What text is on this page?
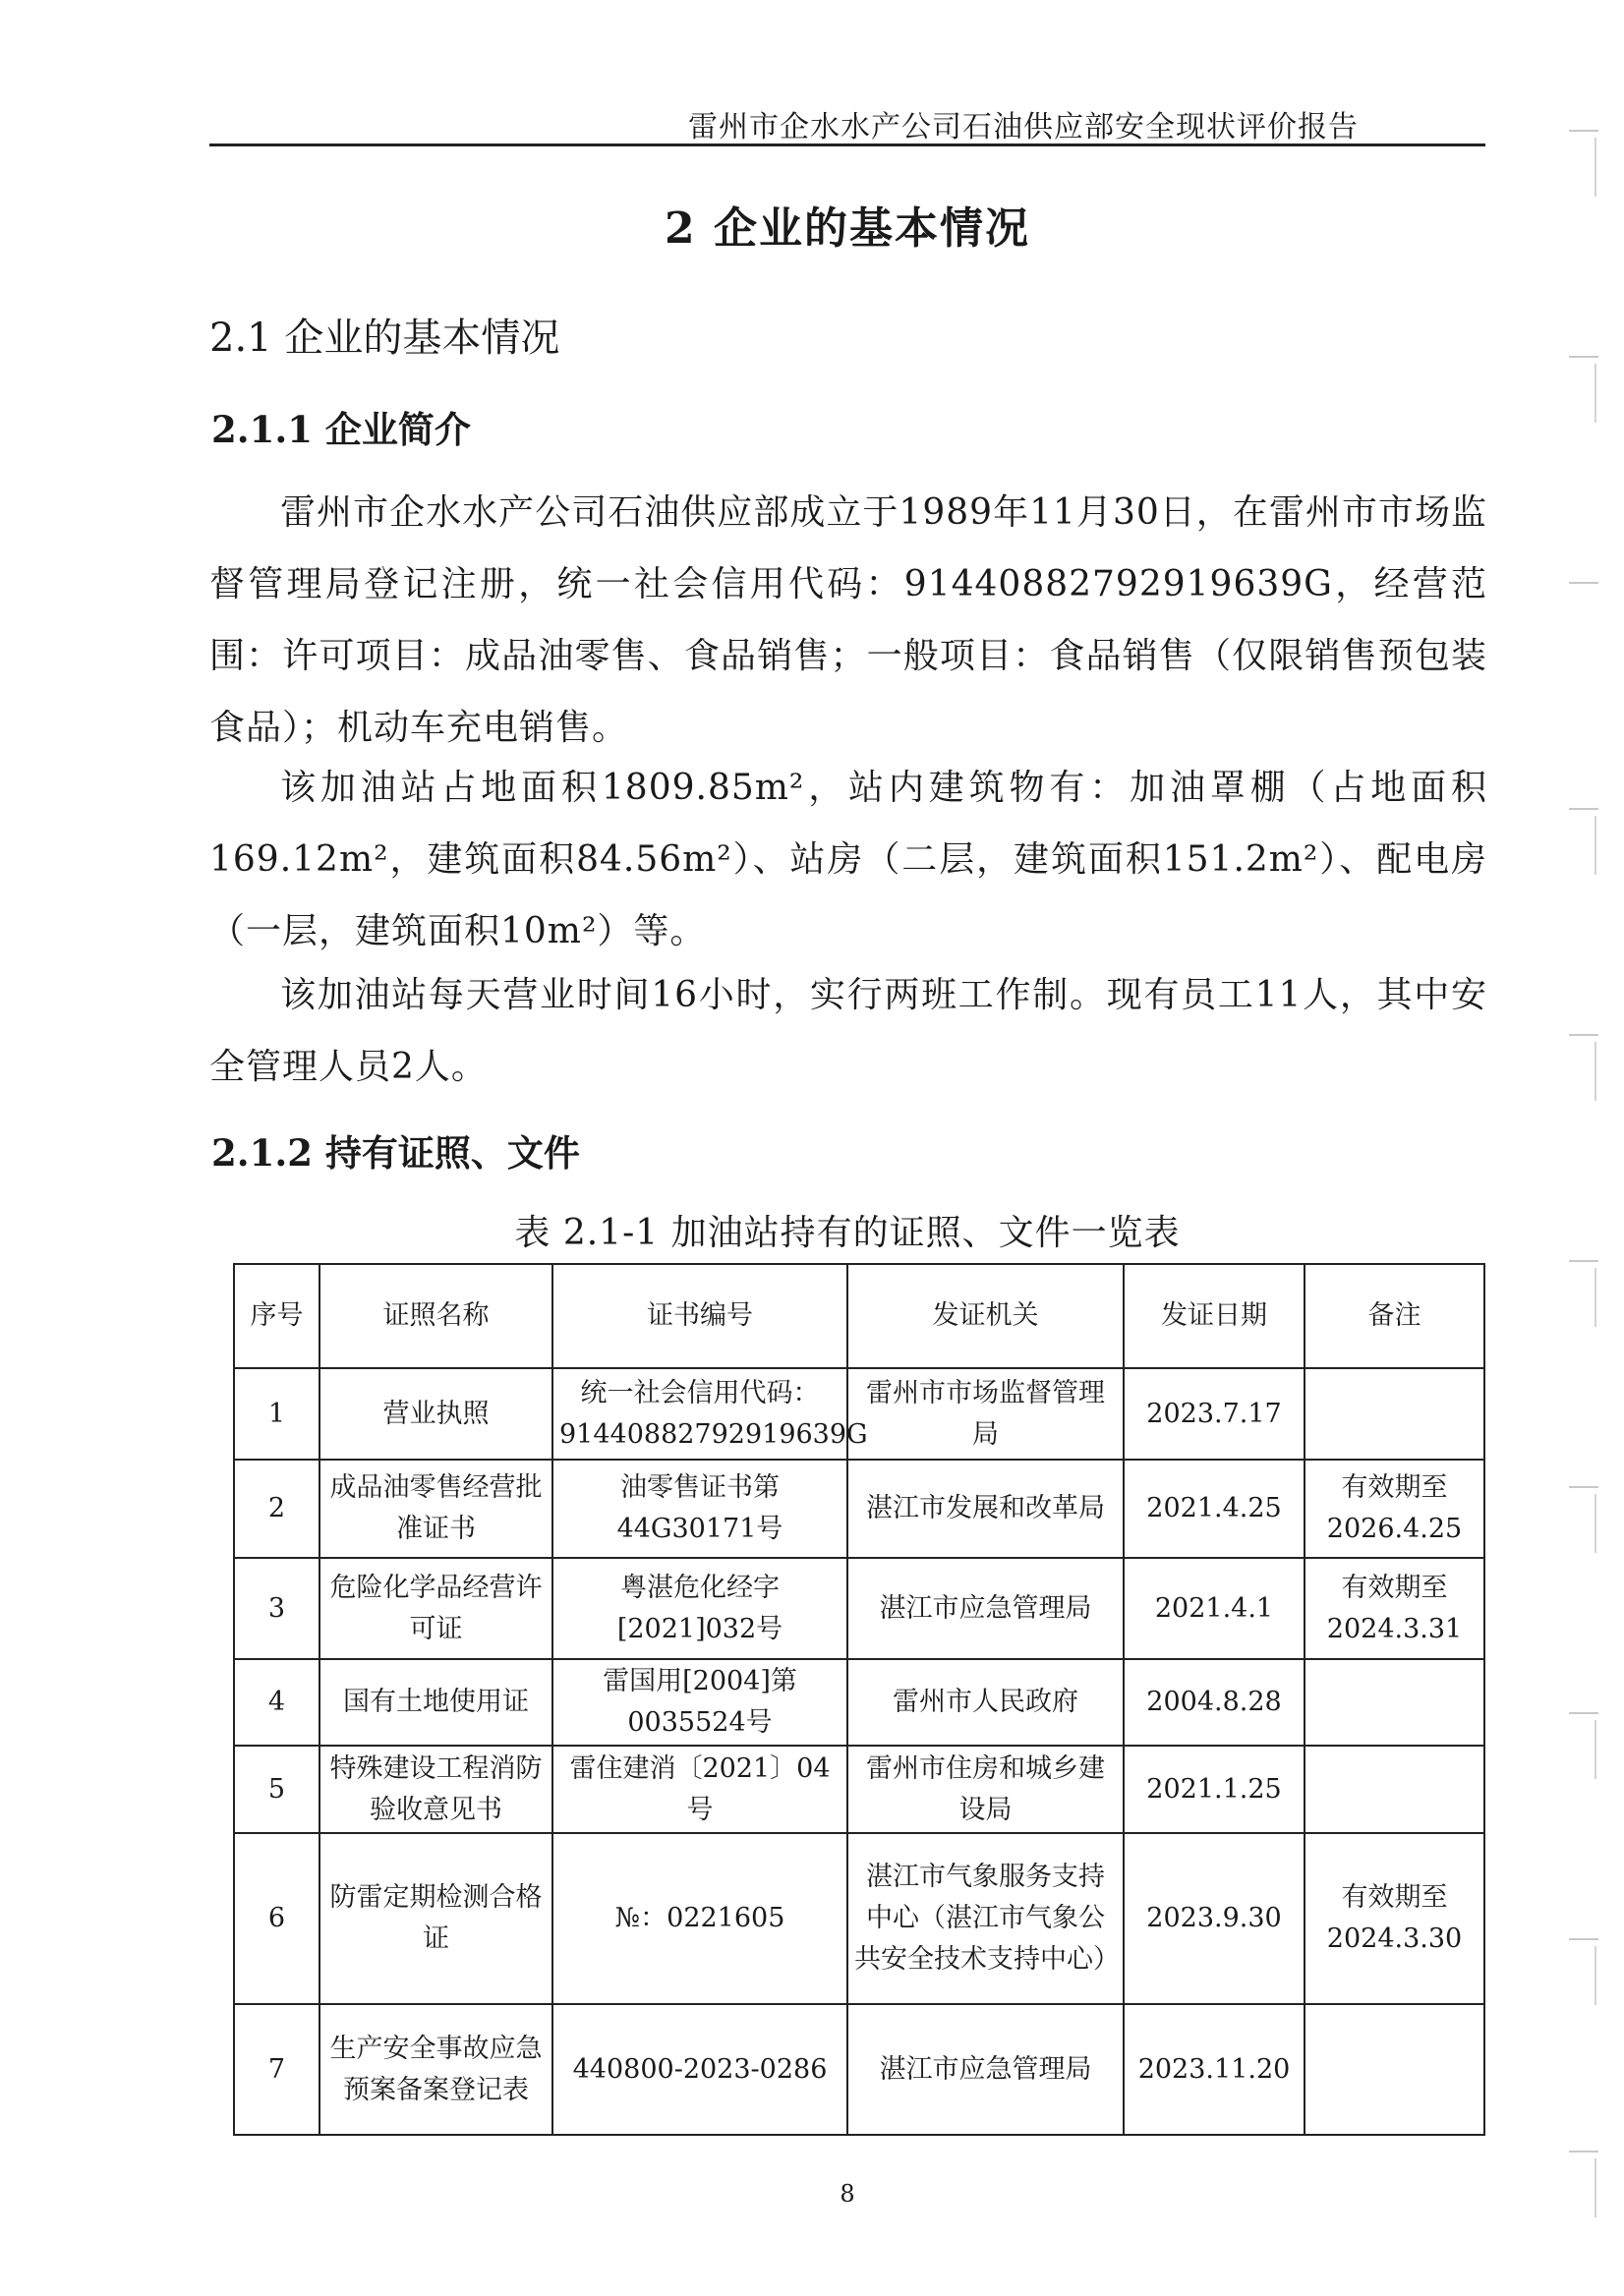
雷州市企水水产公司石油供应部安全现状评价报告
2 企业的基本情况
2.1 企业的基本情况
2.1.1 企业简介
雷州市企水水产公司石油供应部成立于1989年11月30日，在雷州市市场监督管理局登记注册，统一社会信用代码：91440882792919639G，经营范围：许可项目：成品油零售、食品销售；一般项目：食品销售（仅限销售预包装食品）；机动车充电销售。
该加油站占地面积1809.85m²，站内建筑物有：加油罩棚（占地面积169.12m²，建筑面积84.56m²）、站房（二层，建筑面积151.2m²）、配电房（一层，建筑面积10m²）等。
该加油站每天营业时间16小时，实行两班工作制。现有员工11人，其中安全管理人员2人。
2.1.2 持有证照、文件
表 2.1-1 加油站持有的证照、文件一览表
序号	证照名称	证书编号	发证机关	发证日期	备注
1	营业执照	统一社会信用代码：91440882792919639G	雷州市市场监督管理局	2023.7.17	
2	成品油零售经营批准证书	油零售证书第44G30171号	湛江市发展和改革局	2021.4.25	有效期至2026.4.25
3	危险化学品经营许可证	粤湛危化经字[2021]032号	湛江市应急管理局	2021.4.1	有效期至2024.3.31
4	国有土地使用证	雷国用[2004]第0035524号	雷州市人民政府	2004.8.28	
5	特殊建设工程消防验收意见书	雷住建消〔2021〕04号	雷州市住房和城乡建设局	2021.1.25	
6	防雷定期检测合格证	№：0221605	湛江市气象服务支持中心（湛江市气象公共安全技术支持中心）	2023.9.30	有效期至2024.3.30
7	生产安全事故应急预案备案登记表	440800-2023-0286	湛江市应急管理局	2023.11.20	
8
